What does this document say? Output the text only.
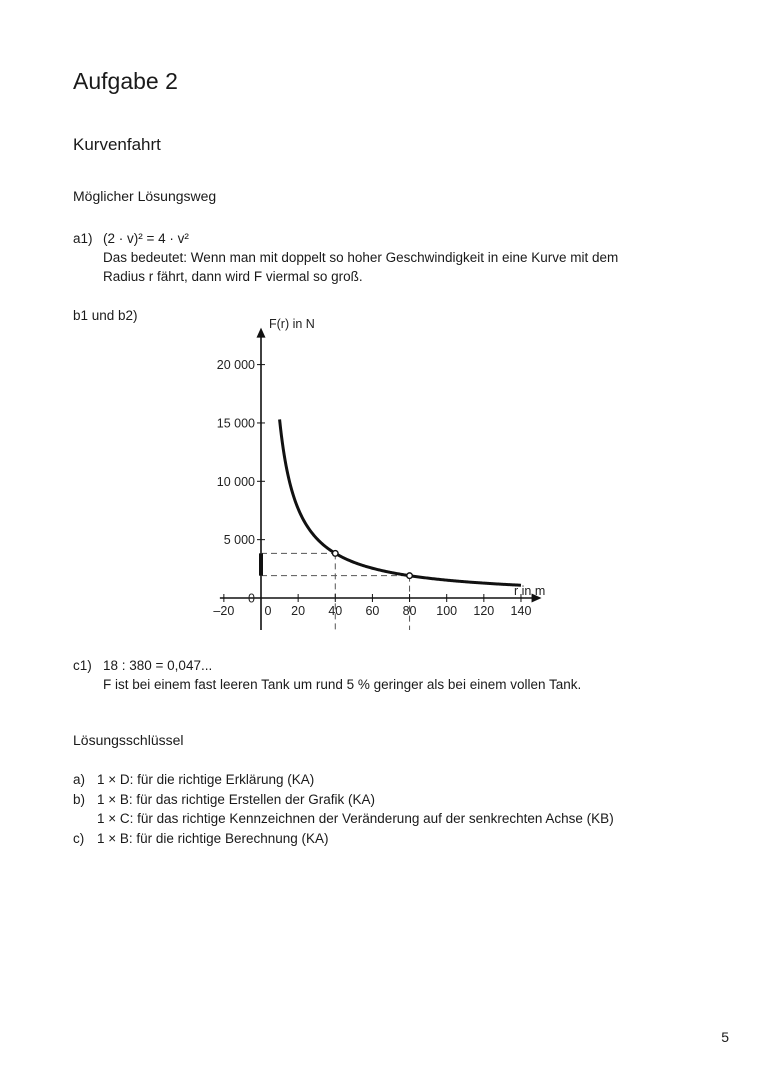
Aufgabe 2
Kurvenfahrt
Möglicher Lösungsweg
a1) (2 · v)² = 4 · v²
Das bedeutet: Wenn man mit doppelt so hoher Geschwindigkeit in eine Kurve mit dem
Radius r fährt, dann wird F viermal so groß.
b1 und b2)
–20	20 40 60 80 100 120 140
0
5 000
10 000
15 000
20 000
0
F(r) in N
r in m
c1) 18 : 380 = 0,047...
F ist bei einem fast leeren Tank um rund 5 % geringer als bei einem vollen Tank.
Lösungsschlüssel
a) 1 × D: für die richtige Erklärung (KA)
b) 1 × B: für das richtige Erstellen der Grafik (KA)
1 × C: für das richtige Kennzeichnen der Veränderung auf der senkrechten Achse (KB)
c) 1 × B: für die richtige Berechnung (KA)
5
